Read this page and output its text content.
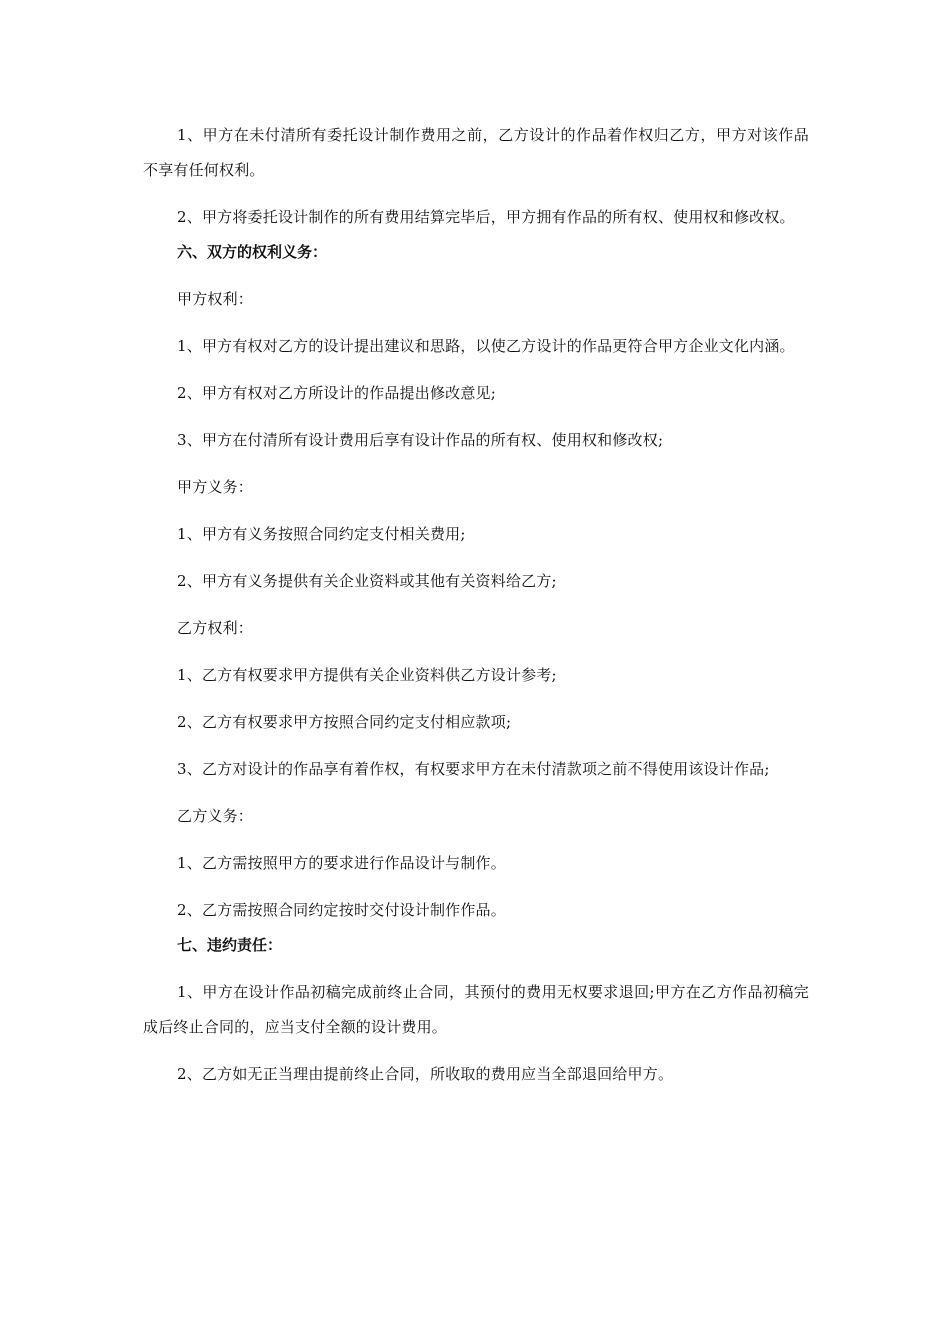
1、甲方在未付清所有委托设计制作费用之前，乙方设计的作品着作权归乙方，甲方对该作品不享有任何权利。

2、甲方将委托设计制作的所有费用结算完毕后，甲方拥有作品的所有权、使用权和修改权。

六、双方的权利义务：

甲方权利：

1、甲方有权对乙方的设计提出建议和思路，以使乙方设计的作品更符合甲方企业文化内涵。

2、甲方有权对乙方所设计的作品提出修改意见;

3、甲方在付清所有设计费用后享有设计作品的所有权、使用权和修改权;

甲方义务：

1、甲方有义务按照合同约定支付相关费用;

2、甲方有义务提供有关企业资料或其他有关资料给乙方;

乙方权利：

1、乙方有权要求甲方提供有关企业资料供乙方设计参考;

2、乙方有权要求甲方按照合同约定支付相应款项;

3、乙方对设计的作品享有着作权，有权要求甲方在未付清款项之前不得使用该设计作品;

乙方义务：

1、乙方需按照甲方的要求进行作品设计与制作。

2、乙方需按照合同约定按时交付设计制作作品。

七、违约责任：

1、甲方在设计作品初稿完成前终止合同，其预付的费用无权要求退回;甲方在乙方作品初稿完成后终止合同的，应当支付全额的设计费用。

2、乙方如无正当理由提前终止合同，所收取的费用应当全部退回给甲方。
